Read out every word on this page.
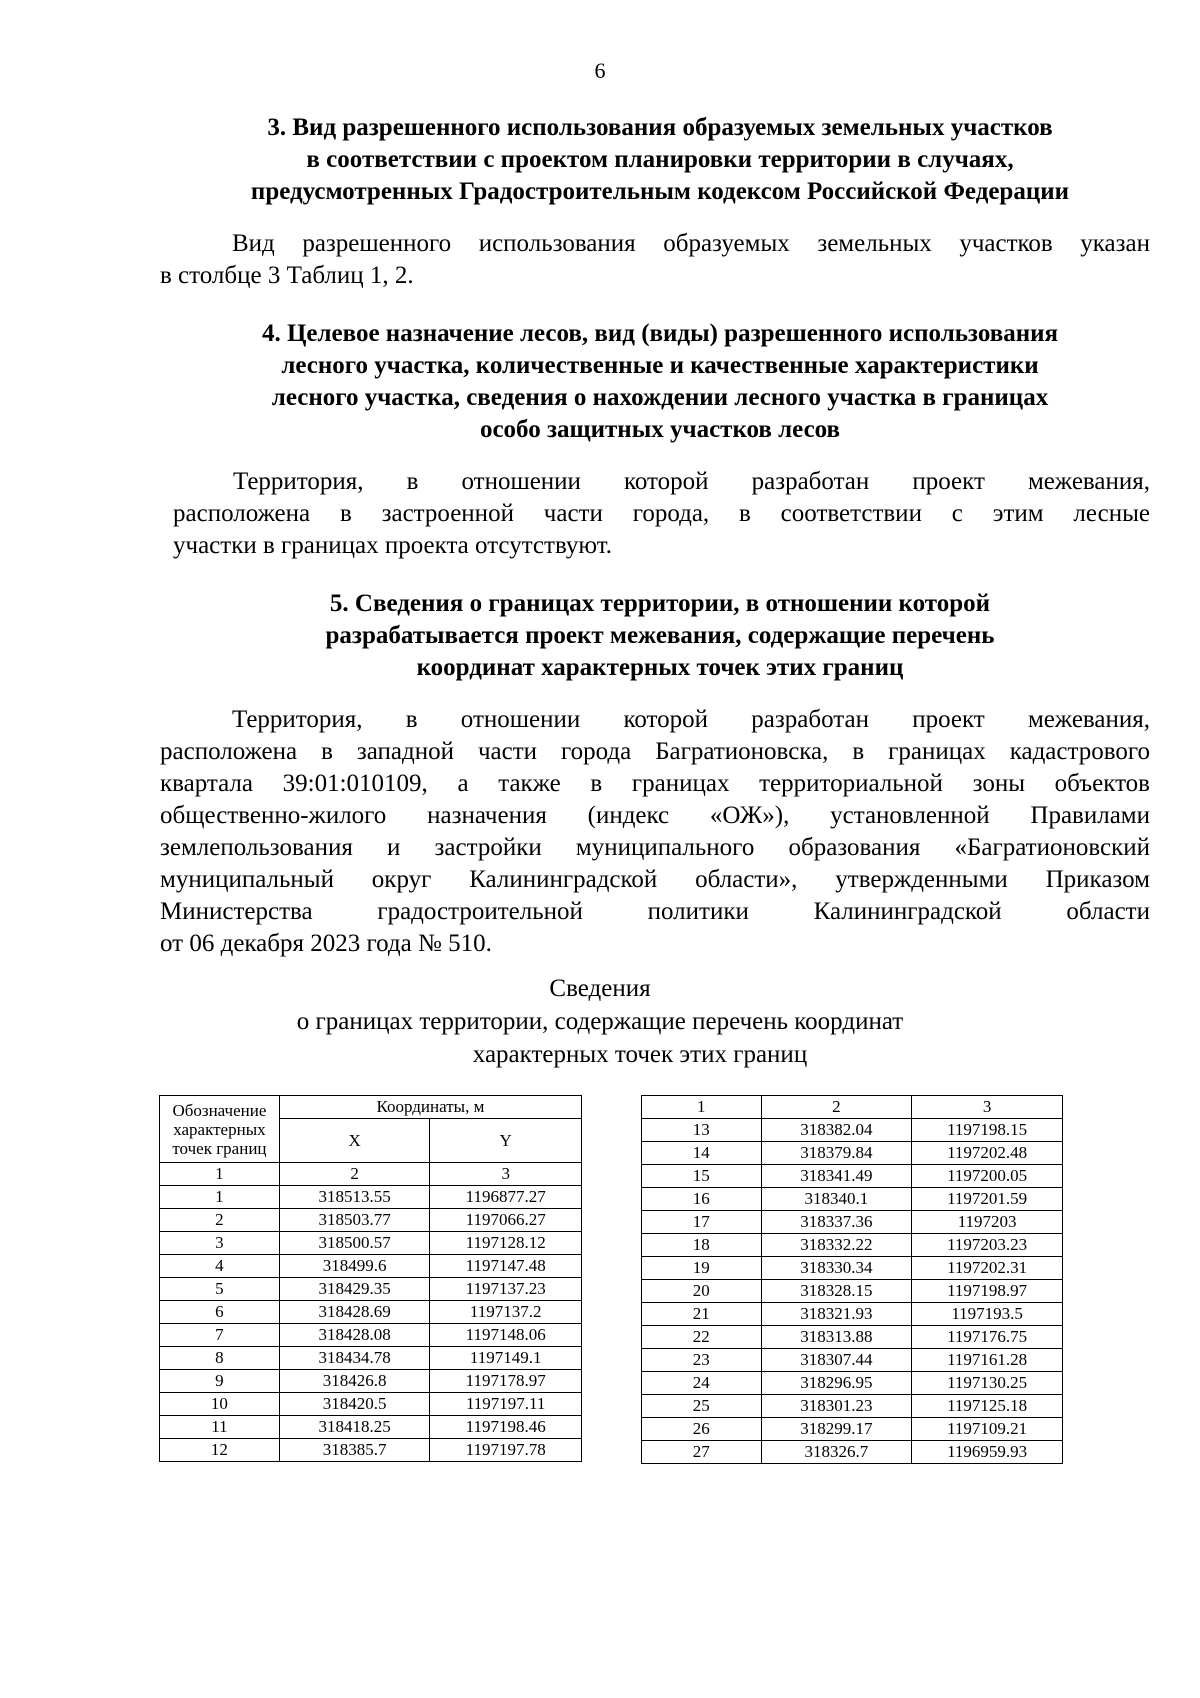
6
3. Вид разрешенного использования образуемых земельных участков
в соответствии с проектом планировки территории в случаях,
предусмотренных Градостроительным кодексом Российской Федерации
Вид разрешенного использования образуемых земельных участков указан
в столбце 3 Таблиц 1, 2.
4. Целевое назначение лесов, вид (виды) разрешенного использования
лесного участка, количественные и качественные характеристики
лесного участка, сведения о нахождении лесного участка в границах
особо защитных участков лесов
Территория, в отношении которой разработан проект межевания,
расположена в застроенной части города, в соответствии с этим лесные
участки в границах проекта отсутствуют.
5. Сведения о границах территории, в отношении которой
разрабатывается проект межевания, содержащие перечень
координат характерных точек этих границ
Территория, в отношении которой разработан проект межевания,
расположена в западной части города Багратионовска, в границах кадастрового
квартала 39:01:010109, а также в границах территориальной зоны объектов
общественно-жилого назначения (индекс «ОЖ»), установленной Правилами
землепользования и застройки муниципального образования «Багратионовский
муниципальный округ Калининградской области», утвержденными Приказом
Министерства градостроительной политики Калининградской области
от 06 декабря 2023 года № 510.
Сведения
о границах территории, содержащие перечень координат
характерных точек этих границ
Обозначение характерных точек границ	Координаты, м	
	X	Y
1	2	3
1	318513.55	1196877.27
2	318503.77	1197066.27
3	318500.57	1197128.12
4	318499.6	1197147.48
5	318429.35	1197137.23
6	318428.69	1197137.2
7	318428.08	1197148.06
8	318434.78	1197149.1
9	318426.8	1197178.97
10	318420.5	1197197.11
11	318418.25	1197198.46
12	318385.7	1197197.78
1	2	3
13	318382.04	1197198.15
14	318379.84	1197202.48
15	318341.49	1197200.05
16	318340.1	1197201.59
17	318337.36	1197203
18	318332.22	1197203.23
19	318330.34	1197202.31
20	318328.15	1197198.97
21	318321.93	1197193.5
22	318313.88	1197176.75
23	318307.44	1197161.28
24	318296.95	1197130.25
25	318301.23	1197125.18
26	318299.17	1197109.21
27	318326.7	1196959.93
